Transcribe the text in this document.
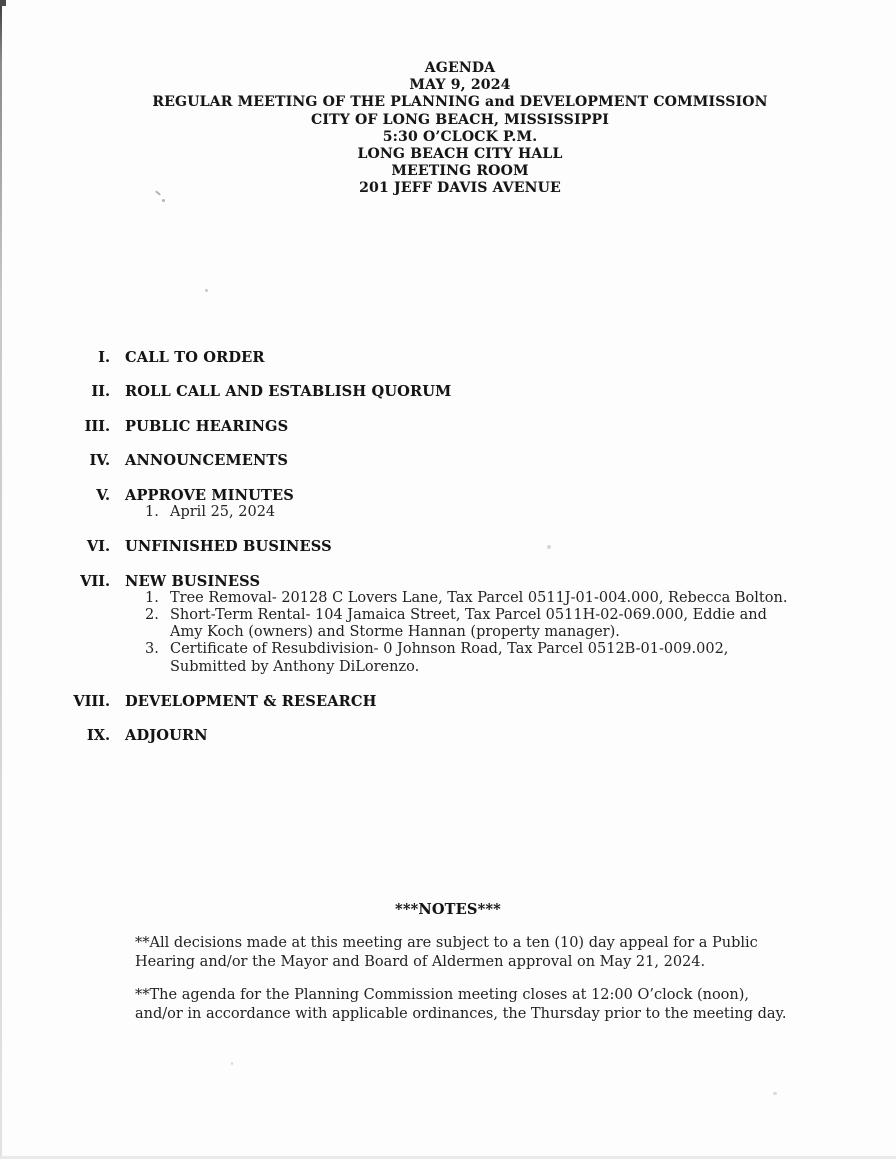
AGENDA
MAY 9, 2024
REGULAR MEETING OF THE PLANNING and DEVELOPMENT COMMISSION
CITY OF LONG BEACH, MISSISSIPPI
5:30 O’CLOCK P.M.
LONG BEACH CITY HALL
MEETING ROOM
201 JEFF DAVIS AVENUE
I. CALL TO ORDER
II. ROLL CALL AND ESTABLISH QUORUM
III. PUBLIC HEARINGS
IV. ANNOUNCEMENTS
V. APPROVE MINUTES
1. April 25, 2024
VI. UNFINISHED BUSINESS
VII. NEW BUSINESS
1. Tree Removal- 20128 C Lovers Lane, Tax Parcel 0511J-01-004.000, Rebecca Bolton.
2. Short-Term Rental- 104 Jamaica Street, Tax Parcel 0511H-02-069.000, Eddie and Amy Koch (owners) and Storme Hannan (property manager).
3. Certificate of Resubdivision- 0 Johnson Road, Tax Parcel 0512B-01-009.002, Submitted by Anthony DiLorenzo.
VIII. DEVELOPMENT & RESEARCH
IX. ADJOURN
***NOTES***

**All decisions made at this meeting are subject to a ten (10) day appeal for a Public Hearing and/or the Mayor and Board of Aldermen approval on May 21, 2024.

**The agenda for the Planning Commission meeting closes at 12:00 O’clock (noon), and/or in accordance with applicable ordinances, the Thursday prior to the meeting day.
